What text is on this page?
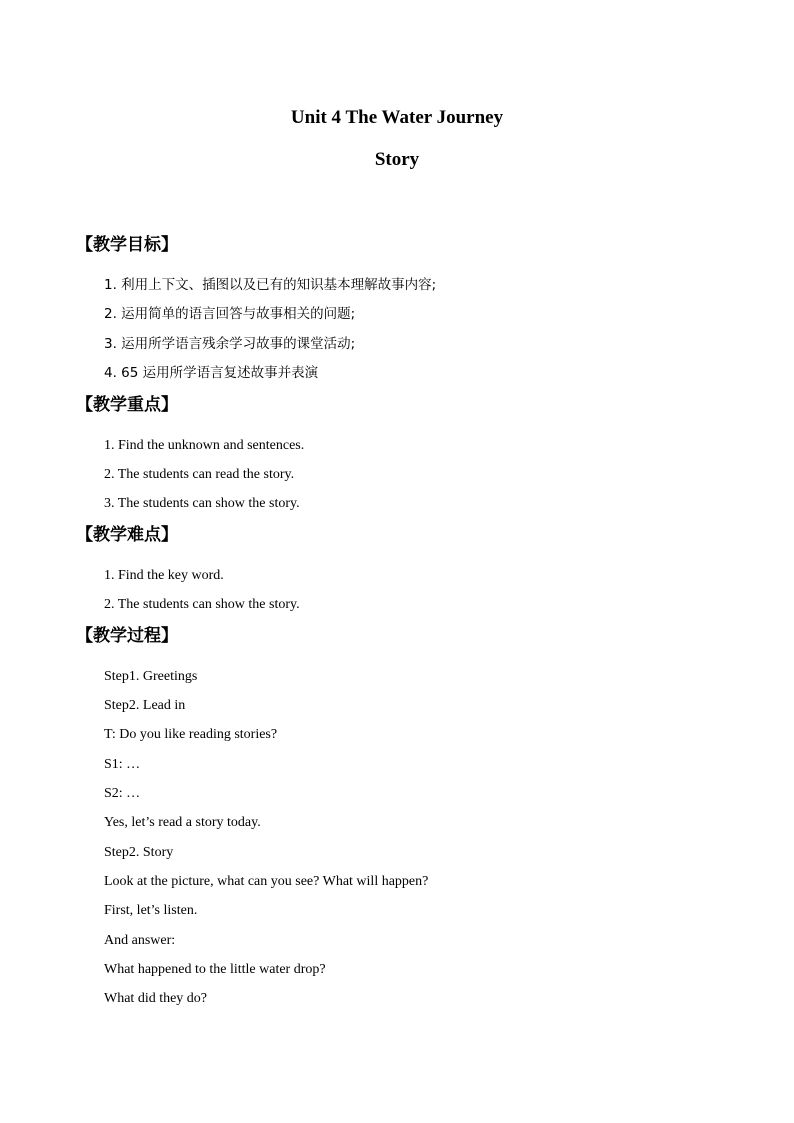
Unit 4 The Water Journey
Story
【教学目标】
1. 利用上下文、插图以及已有的知识基本理解故事内容;
2. 运用简单的语言回答与故事相关的问题;
3. 运用所学语言残余学习故事的课堂活动;
4. 65 运用所学语言复述故事并表演
【教学重点】
1. Find the unknown and sentences.
2. The students can read the story.
3. The students can show the story.
【教学难点】
1. Find the key word.
2. The students can show the story.
【教学过程】
Step1. Greetings
Step2. Lead in
T: Do you like reading stories?
S1: …
S2: …
Yes, let’s read a story today.
Step2. Story
Look at the picture, what can you see? What will happen?
First, let’s listen.
And answer:
What happened to the little water drop?
What did they do?
